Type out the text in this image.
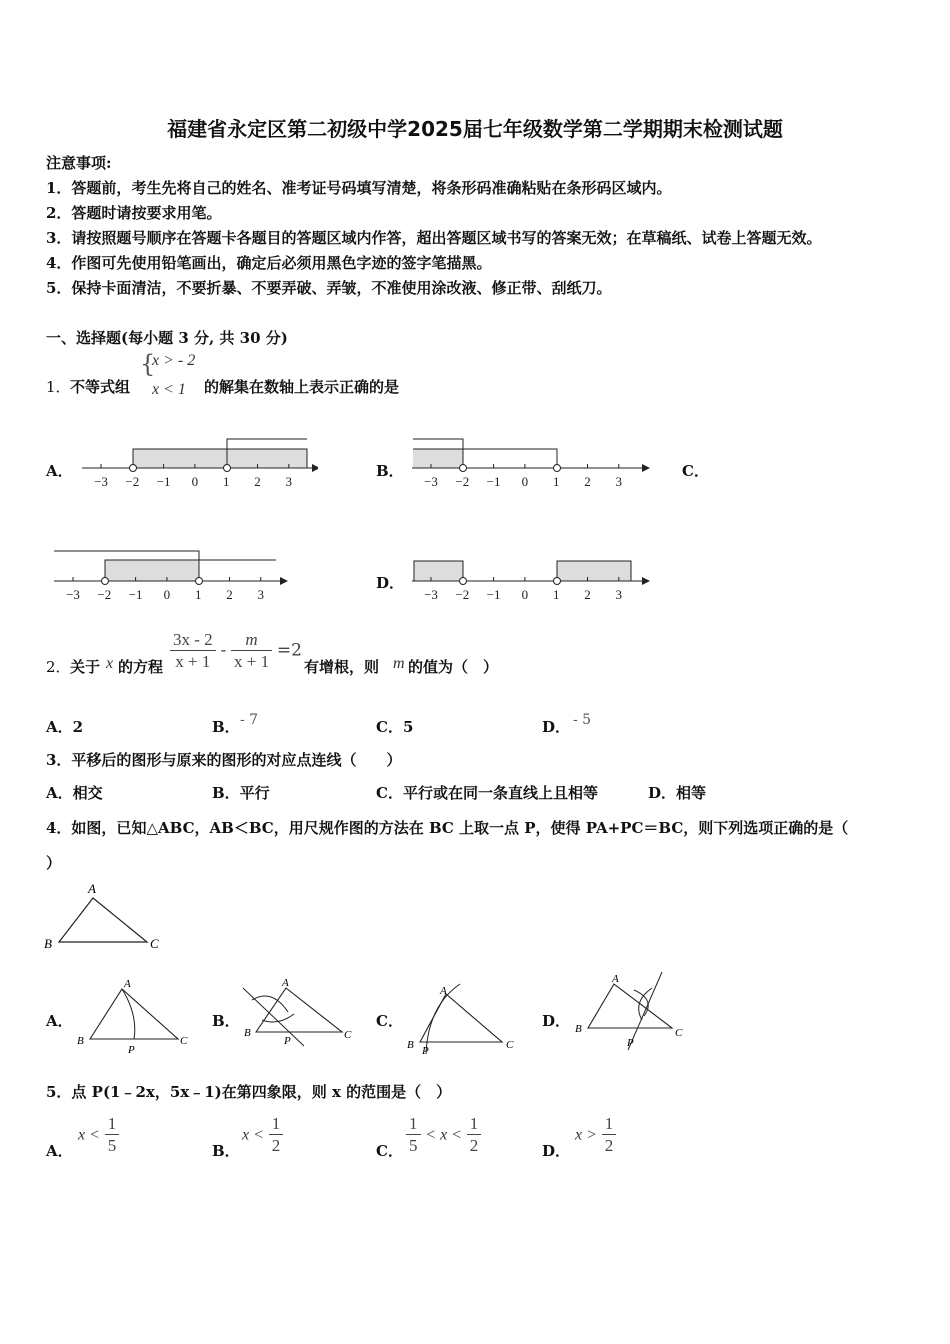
福建省永定区第二初级中学2025届七年级数学第二学期期末检测试题
注意事项:
1．答题前，考生先将自己的姓名、准考证号码填写清楚，将条形码准确粘贴在条形码区域内。
2．答题时请按要求用笔。
3．请按照题号顺序在答题卡各题目的答题区域内作答，超出答题区域书写的答案无效；在草稿纸、试卷上答题无效。
4．作图可先使用铅笔画出，确定后必须用黑色字迹的签字笔描黑。
5．保持卡面清洁，不要折暴、不要弄破、弄皱，不准使用涂改液、修正带、刮纸刀。
一、选择题(每小题 3 分, 共 30 分)
1． 不等式组
{
x > - 2
x < 1 的解集在数轴上表示正确的是
A．	B．	C．
D．
−3 −2 −1 0 1 2 3	−3 −2 −1 0 1 2 3
−3 −2 −1 0 1 2 3	−3 −2 −1 0 1 2 3
2． 关于 x 的方程 $\frac{3x - 2}{x + 1} - \frac{m}{x + 1} =2$
有增根，则 m 的值为（　）
A．2	B． - 7	C．5	D． - 5
3．平移后的图形与原来的图形的对应点连线（　　）
A．相交	B．平行	C．平行或在同一条直线上且相等	D．相等
4．如图，已知△ABC，AB＜BC，用尺规作图的方法在 BC 上取一点 P，使得 PA+PC＝BC，则下列选项正确的是（
）
A
B	C
A．	B．	C．	D．
A
B	C
P
A
B	C
P
A
B	C
P
A
B	C
P
5．点 P(1﹣2x，5x﹣1)在第四象限，则 x 的范围是（　）
A．
$x < \frac{1}{5}$	B．
$x < \frac{1}{2}$	C． $\frac{1}{5} < x < \frac{1}{2}$	D．
$x > \frac{1}{2}$
